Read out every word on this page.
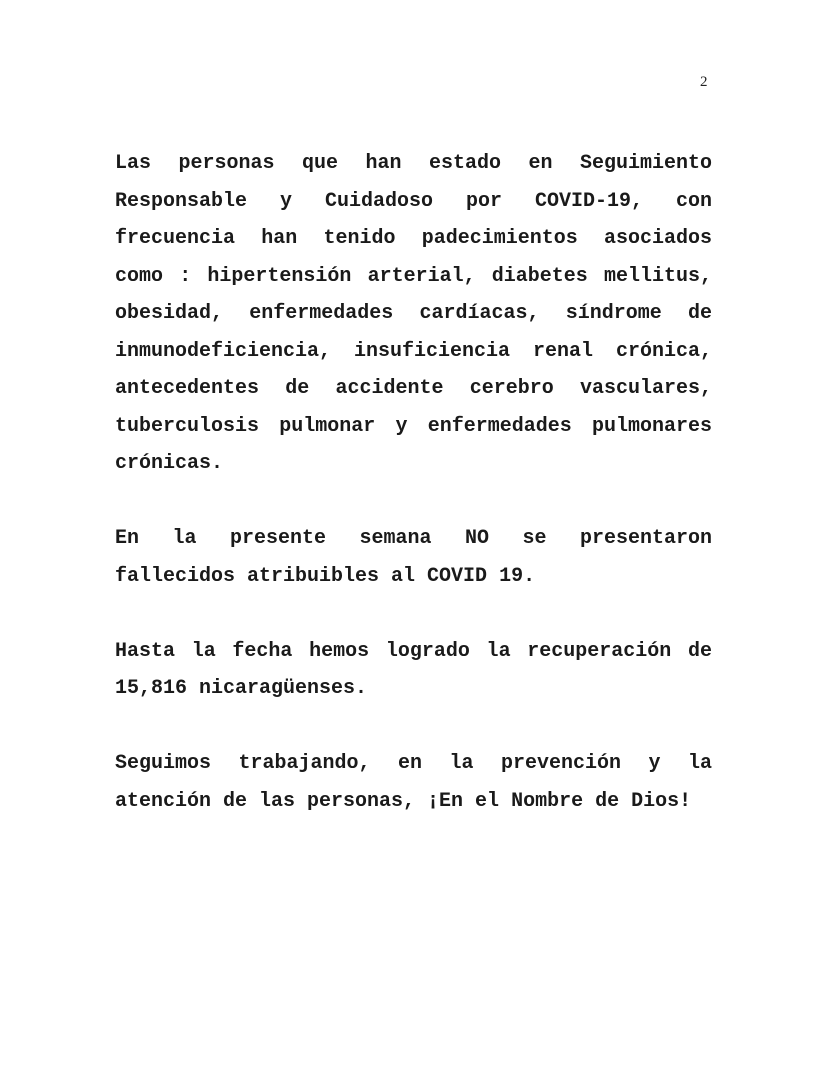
2

Las personas que han estado en Seguimiento Responsable y Cuidadoso por COVID-19, con frecuencia han tenido padecimientos asociados como : hipertensión arterial, diabetes mellitus, obesidad, enfermedades cardíacas, síndrome de inmunodeficiencia, insuficiencia renal crónica, antecedentes de accidente cerebro vasculares, tuberculosis pulmonar y enfermedades pulmonares crónicas.

En la presente semana NO se presentaron fallecidos atribuibles al COVID 19.

Hasta la fecha hemos logrado la recuperación de 15,816 nicaragüenses.

Seguimos trabajando, en la prevención y la atención de las personas, ¡En el Nombre de Dios!
